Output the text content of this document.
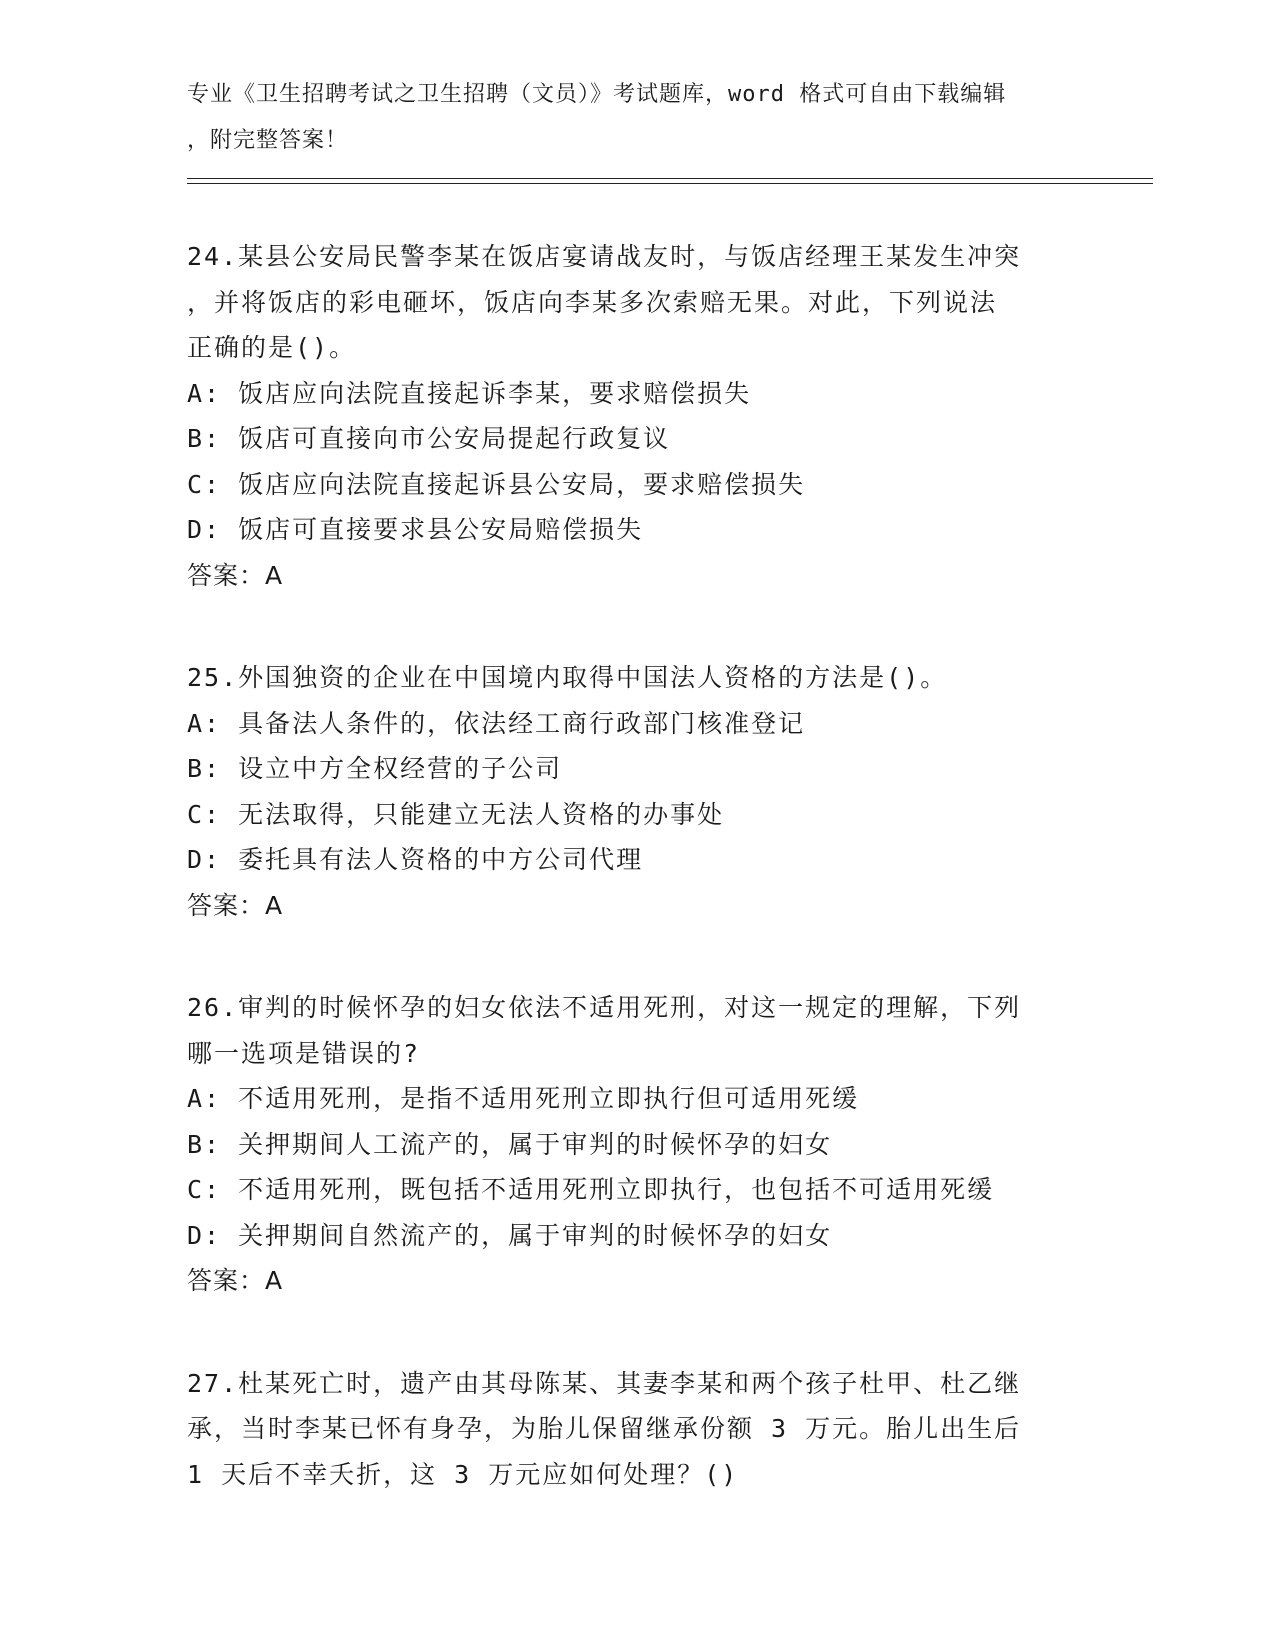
专业《卫生招聘考试之卫生招聘（文员）》考试题库，word 格式可自由下载编辑
，附完整答案！
24.某县公安局民警李某在饭店宴请战友时，与饭店经理王某发生冲突
，并将饭店的彩电砸坏，饭店向李某多次索赔无果。对此，下列说法
正确的是()。
A: 饭店应向法院直接起诉李某，要求赔偿损失
B: 饭店可直接向市公安局提起行政复议
C: 饭店应向法院直接起诉县公安局，要求赔偿损失
D: 饭店可直接要求县公安局赔偿损失
答案：A
25.外国独资的企业在中国境内取得中国法人资格的方法是()。
A: 具备法人条件的，依法经工商行政部门核准登记
B: 设立中方全权经营的子公司
C: 无法取得，只能建立无法人资格的办事处
D: 委托具有法人资格的中方公司代理
答案：A
26.审判的时候怀孕的妇女依法不适用死刑，对这一规定的理解，下列
哪一选项是错误的?
A: 不适用死刑，是指不适用死刑立即执行但可适用死缓
B: 关押期间人工流产的，属于审判的时候怀孕的妇女
C: 不适用死刑，既包括不适用死刑立即执行，也包括不可适用死缓
D: 关押期间自然流产的，属于审判的时候怀孕的妇女
答案：A
27.杜某死亡时，遗产由其母陈某、其妻李某和两个孩子杜甲、杜乙继
承，当时李某已怀有身孕，为胎儿保留继承份额 3 万元。胎儿出生后
1 天后不幸夭折，这 3 万元应如何处理？()
